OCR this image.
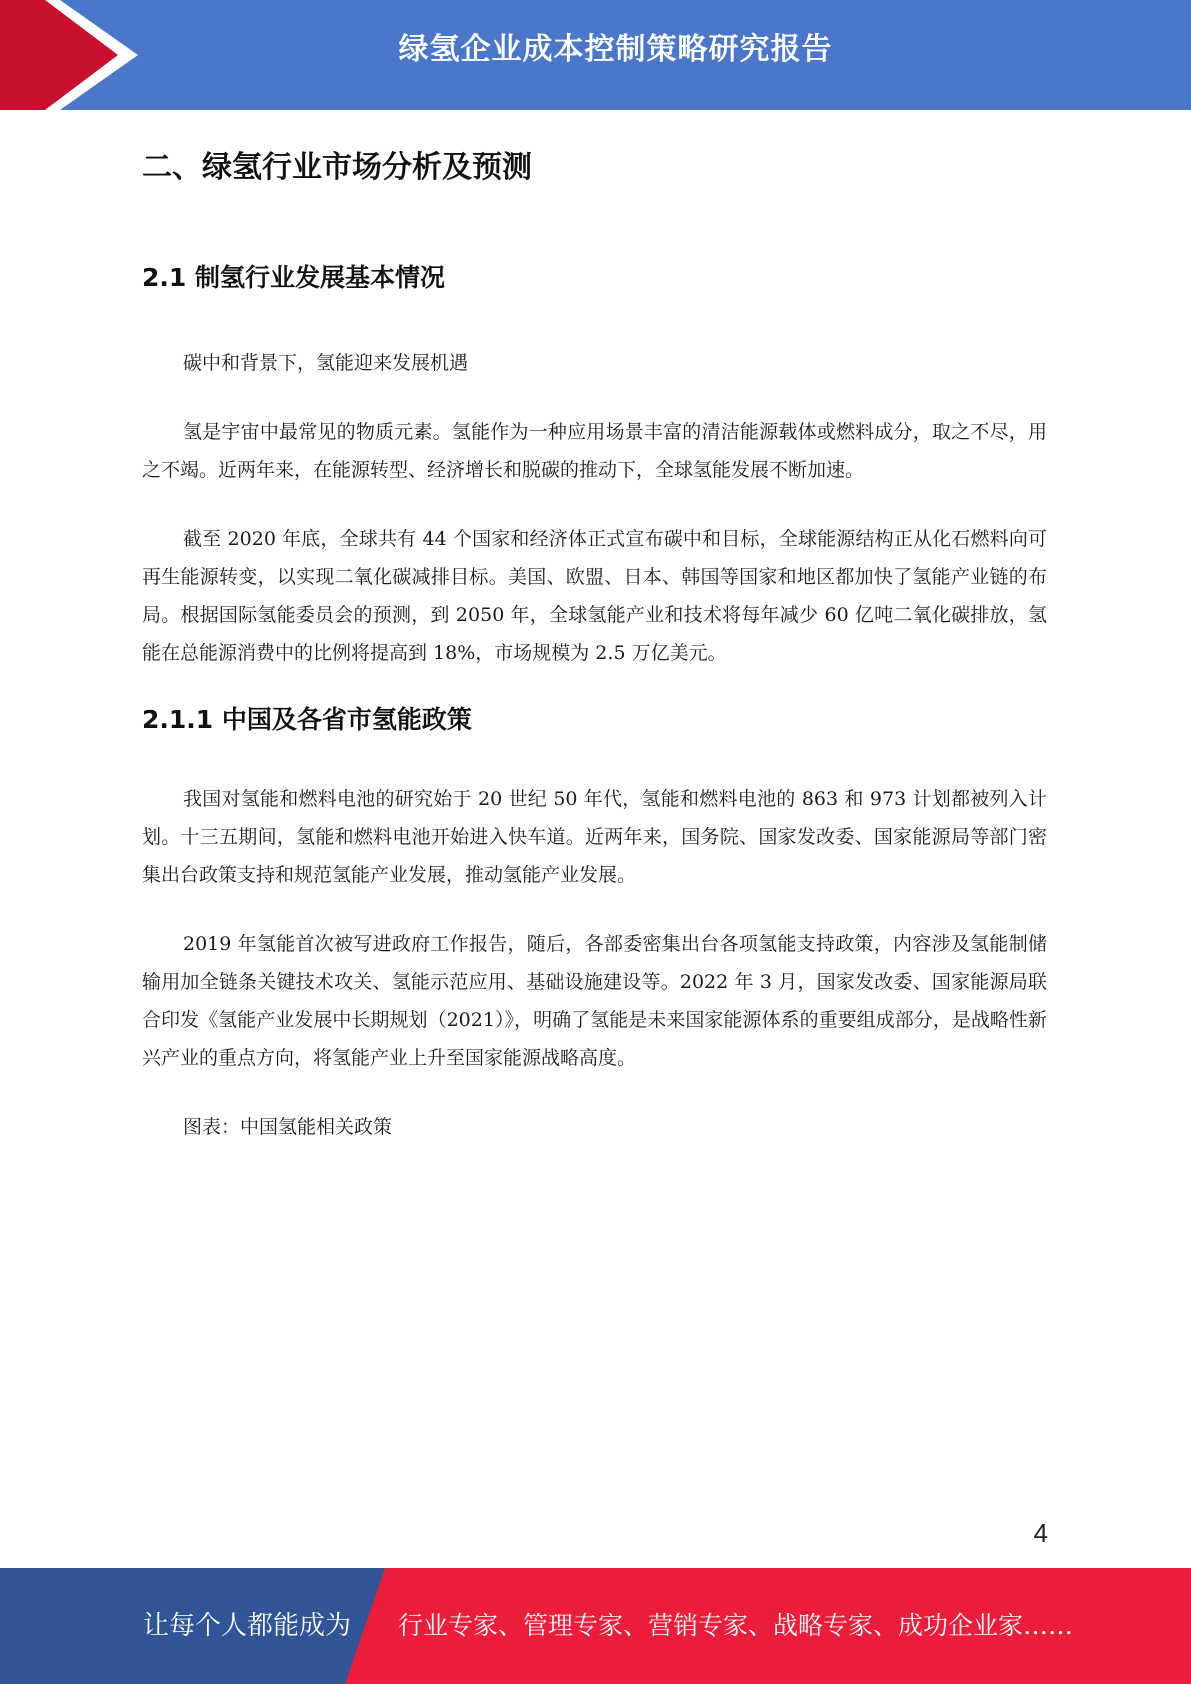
绿氢企业成本控制策略研究报告
二、绿氢行业市场分析及预测
2.1 制氢行业发展基本情况

碳中和背景下，氢能迎来发展机遇

氢是宇宙中最常见的物质元素。氢能作为一种应用场景丰富的清洁能源载体或燃料成分，取之不尽，用之不竭。近两年来，在能源转型、经济增长和脱碳的推动下，全球氢能发展不断加速。

截至 2020 年底，全球共有 44 个国家和经济体正式宣布碳中和目标，全球能源结构正从化石燃料向可再生能源转变，以实现二氧化碳减排目标。美国、欧盟、日本、韩国等国家和地区都加快了氢能产业链的布局。根据国际氢能委员会的预测，到 2050 年，全球氢能产业和技术将每年减少 60 亿吨二氧化碳排放，氢能在总能源消费中的比例将提高到 18%，市场规模为 2.5 万亿美元。

2.1.1 中国及各省市氢能政策

我国对氢能和燃料电池的研究始于 20 世纪 50 年代，氢能和燃料电池的 863 和 973 计划都被列入计划。十三五期间，氢能和燃料电池开始进入快车道。近两年来，国务院、国家发改委、国家能源局等部门密集出台政策支持和规范氢能产业发展，推动氢能产业发展。

2019 年氢能首次被写进政府工作报告，随后，各部委密集出台各项氢能支持政策，内容涉及氢能制储输用加全链条关键技术攻关、氢能示范应用、基础设施建设等。2022 年 3 月，国家发改委、国家能源局联合印发《氢能产业发展中长期规划（2021）》，明确了氢能是未来国家能源体系的重要组成部分，是战略性新兴产业的重点方向，将氢能产业上升至国家能源战略高度。

图表：中国氢能相关政策

4
让每个人都能成为 行业专家、管理专家、营销专家、战略专家、成功企业家……
